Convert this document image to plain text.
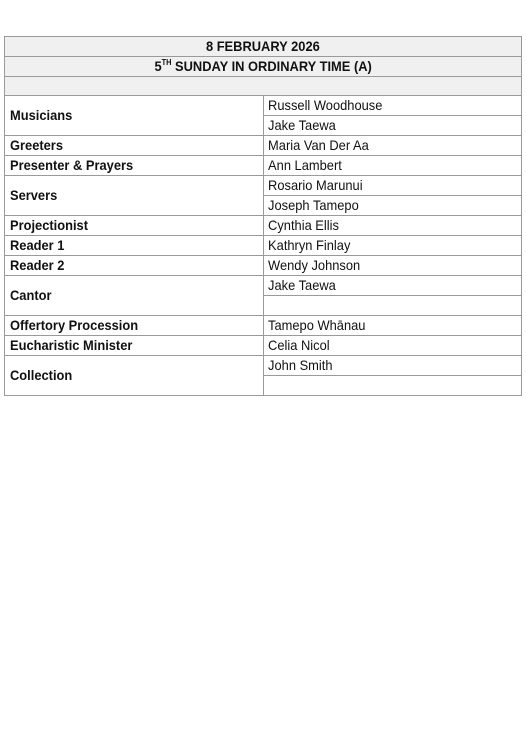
8 FEBRUARY 2026	
5TH SUNDAY IN ORDINARY TIME (A)	

Musicians	Russell Woodhouse
	Jake Taewa
Greeters	Maria Van Der Aa
Presenter & Prayers	Ann Lambert
Servers	Rosario Marunui
	Joseph Tamepo
Projectionist	Cynthia Ellis
Reader 1	Kathryn Finlay
Reader 2	Wendy Johnson
Cantor	Jake Taewa

Offertory Procession	Tamepo Whānau
Eucharistic Minister	Celia Nicol
Collection	John Smith
